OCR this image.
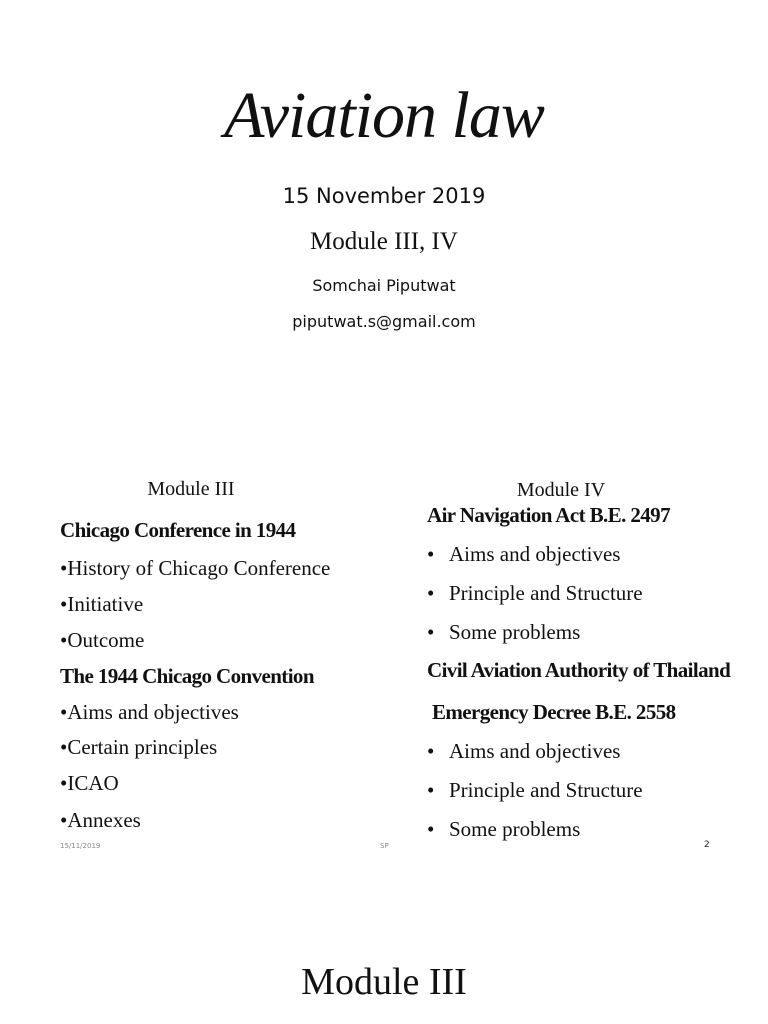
Aviation law
15 November 2019
Module III, IV
Somchai Piputwat
piputwat.s@gmail.com
Module III
Chicago Conference in 1944
•History of Chicago Conference
•Initiative
•Outcome
The 1944 Chicago Convention
•Aims and objectives
•Certain principles
•ICAO
•Annexes
Module IV
Air Navigation Act B.E. 2497
• Aims and objectives
• Principle and Structure
• Some problems
Civil Aviation Authority of Thailand
Emergency Decree B.E. 2558
• Aims and objectives
• Principle and Structure
• Some problems
15/11/2019	SP	2
Module III
